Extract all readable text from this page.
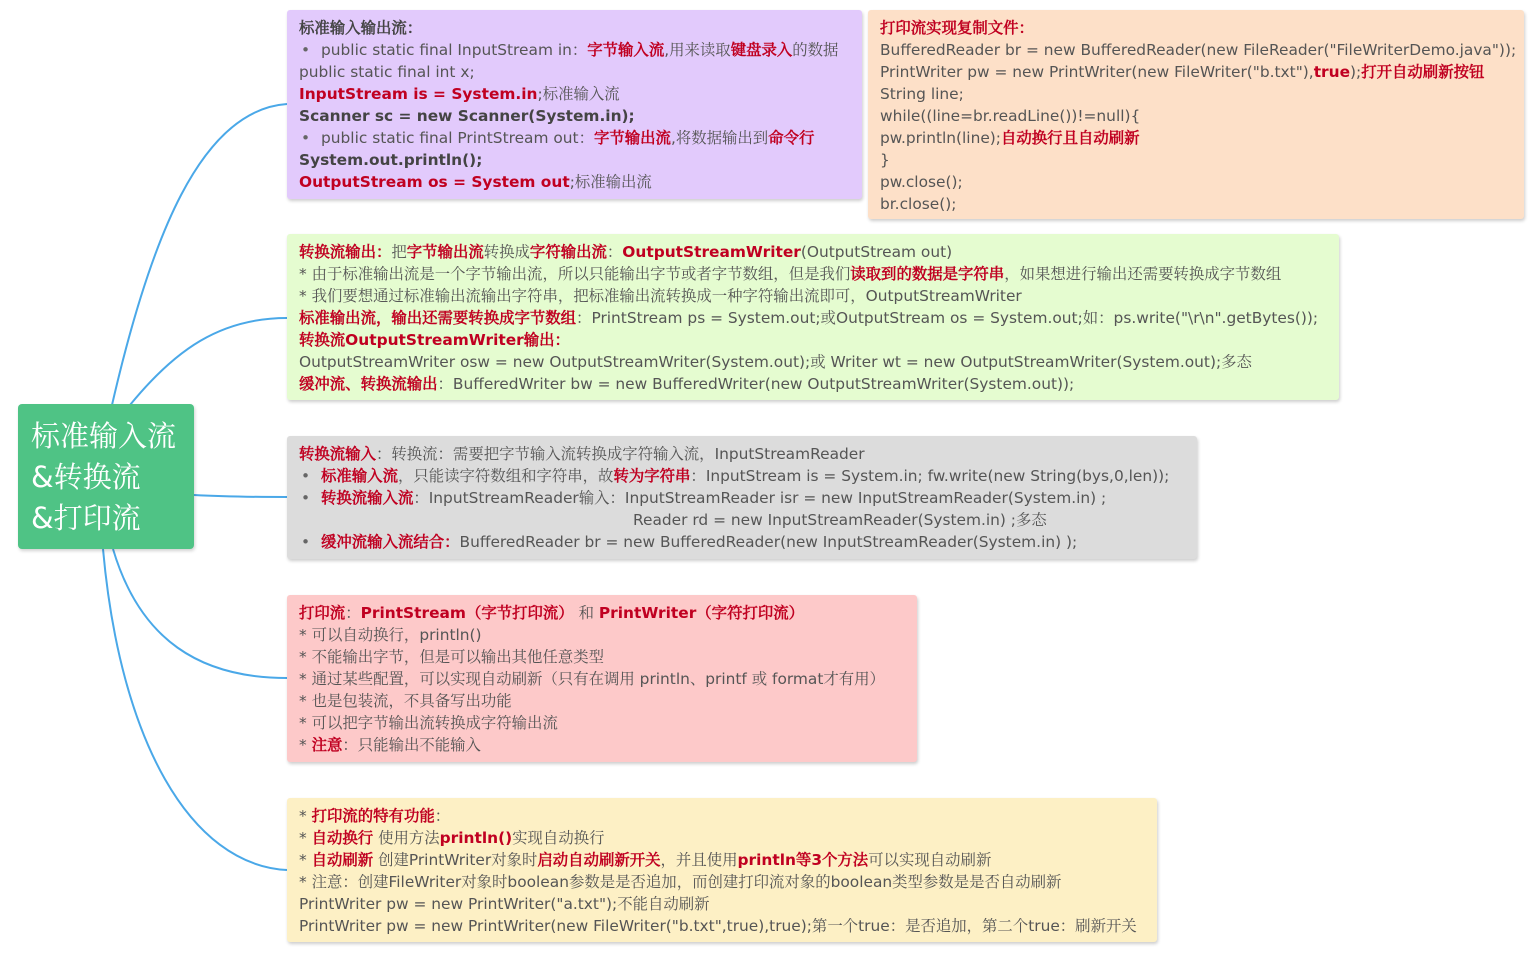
标准输入流
&转换流
&打印流
标准输入输出流：
• public static final InputStream in：字节输入流,用来读取键盘录入的数据
public static final int x;
InputStream is = System.in;标准输入流
Scanner sc = new Scanner(System.in);
• public static final PrintStream out：字节输出流,将数据输出到命令行
System.out.println();
OutputStream os = System out;标准输出流
打印流实现复制文件：
BufferedReader br = new BufferedReader(new FileReader("FileWriterDemo.java"));
PrintWriter pw = new PrintWriter(new FileWriter("b.txt"),true);打开自动刷新按钮
String line;
while((line=br.readLine())!=null){
pw.println(line);自动换行且自动刷新
}
pw.close();
br.close();
转换流输出：把字节输出流转换成字符输出流：OutputStreamWriter(OutputStream out)
* 由于标准输出流是一个字节输出流，所以只能输出字节或者字节数组，但是我们读取到的数据是字符串，如果想进行输出还需要转换成字节数组
* 我们要想通过标准输出流输出字符串，把标准输出流转换成一种字符输出流即可，OutputStreamWriter
标准输出流，输出还需要转换成字节数组：PrintStream ps = System.out;或OutputStream os = System.out;如：ps.write("\r\n".getBytes());
转换流OutputStreamWriter输出：
OutputStreamWriter osw = new OutputStreamWriter(System.out);或 Writer wt = new OutputStreamWriter(System.out);多态
缓冲流、转换流输出：BufferedWriter bw = new BufferedWriter(new OutputStreamWriter(System.out));
转换流输入：转换流：需要把字节输入流转换成字符输入流，InputStreamReader
• 标准输入流，只能读字符数组和字符串，故转为字符串：InputStream is = System.in; fw.write(new String(bys,0,len));
• 转换流输入流：InputStreamReader输入：InputStreamReader isr = new InputStreamReader(System.in) ;
Reader rd = new InputStreamReader(System.in) ;多态
• 缓冲流输入流结合：BufferedReader br = new BufferedReader(new InputStreamReader(System.in) );
打印流：PrintStream（字节打印流） 和 PrintWriter（字符打印流）
* 可以自动换行，println()
* 不能输出字节，但是可以输出其他任意类型
* 通过某些配置，可以实现自动刷新（只有在调用 println、printf 或 format才有用）
* 也是包装流，不具备写出功能
* 可以把字节输出流转换成字符输出流
* 注意：只能输出不能输入
* 打印流的特有功能：
* 自动换行 使用方法println()实现自动换行
* 自动刷新 创建PrintWriter对象时启动自动刷新开关，并且使用println等3个方法可以实现自动刷新
* 注意：创建FileWriter对象时boolean参数是是否追加，而创建打印流对象的boolean类型参数是是否自动刷新
PrintWriter pw = new PrintWriter("a.txt");不能自动刷新
PrintWriter pw = new PrintWriter(new FileWriter("b.txt",true),true);第一个true：是否追加，第二个true：刷新开关
